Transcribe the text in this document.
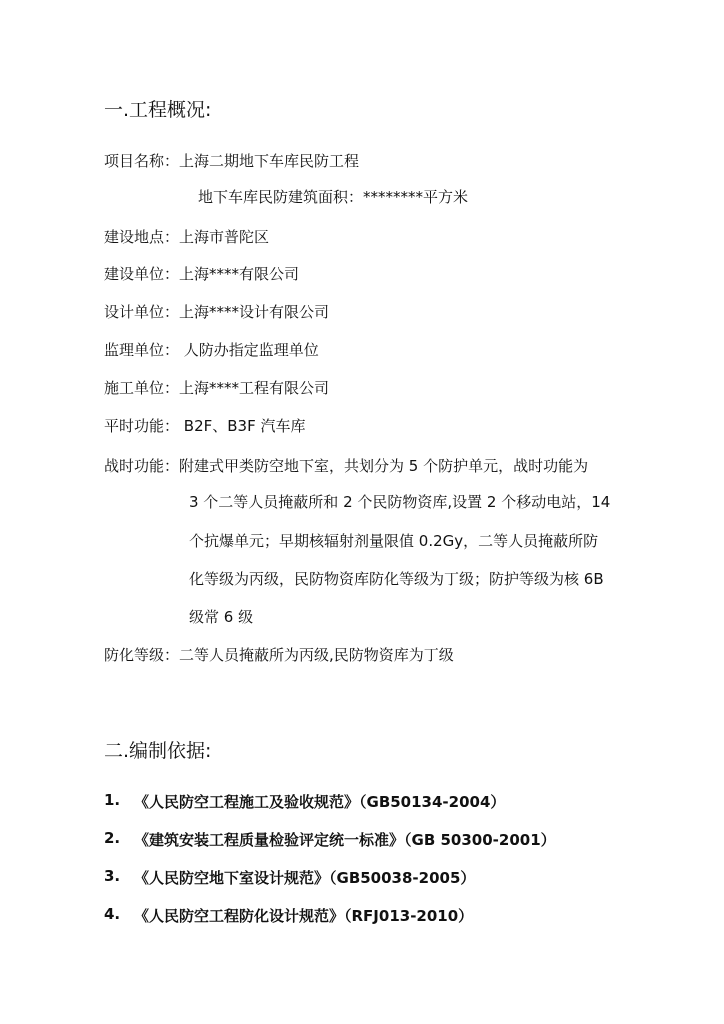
一.工程概况:
项目名称：上海二期地下车库民防工程
地下车库民防建筑面积：********平方米
建设地点：上海市普陀区
建设单位：上海****有限公司
设计单位：上海****设计有限公司
监理单位： 人防办指定监理单位
施工单位：上海****工程有限公司
平时功能： B2F、B3F 汽车库
战时功能：附建式甲类防空地下室，共划分为 5 个防护单元，战时功能为
3 个二等人员掩蔽所和 2 个民防物资库,设置 2 个移动电站，14
个抗爆单元；早期核辐射剂量限值 0.2Gy，二等人员掩蔽所防
化等级为丙级，民防物资库防化等级为丁级；防护等级为核 6B
级常 6 级
防化等级：二等人员掩蔽所为丙级,民防物资库为丁级
二.编制依据:
1. 《人民防空工程施工及验收规范》（GB50134-2004）
2. 《建筑安装工程质量检验评定统一标准》（GB 50300-2001）
3. 《人民防空地下室设计规范》（GB50038-2005）
4. 《人民防空工程防化设计规范》（RFJ013-2010）
